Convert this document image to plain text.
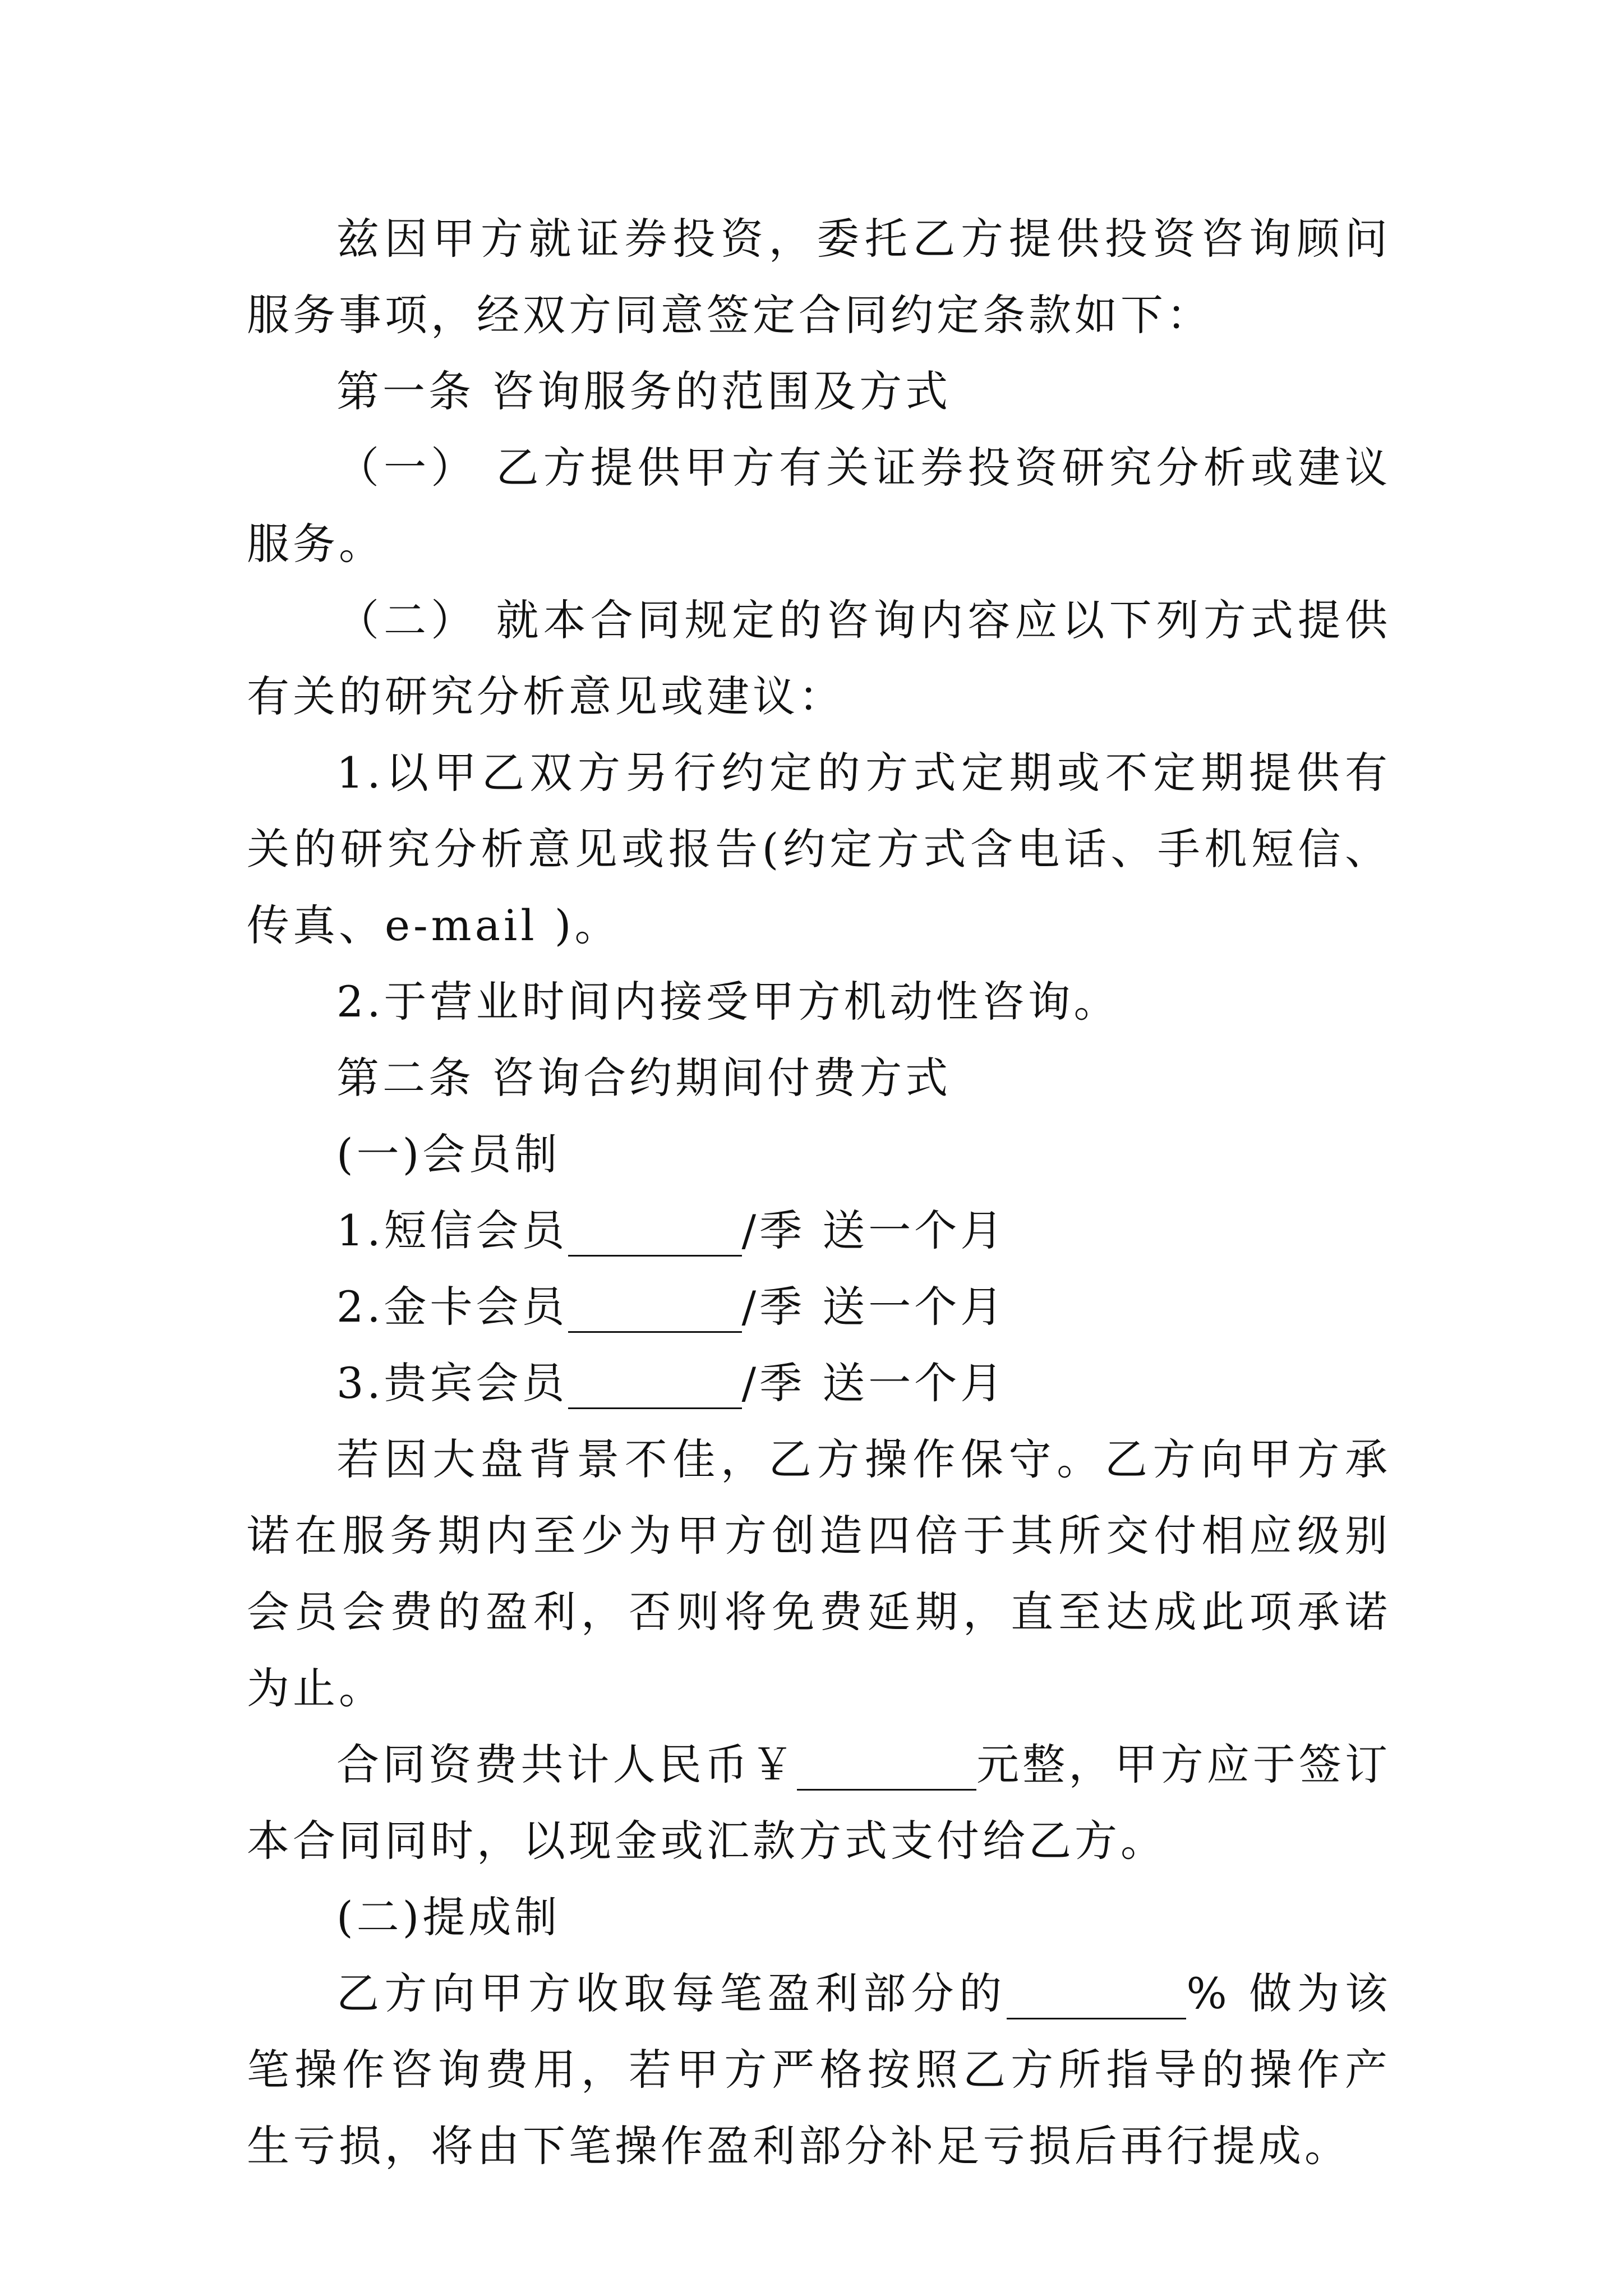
兹因甲方就证券投资，委托乙方提供投资咨询顾问服务事项，经双方同意签定合同约定条款如下：

第一条 咨询服务的范围及方式

（一） 乙方提供甲方有关证券投资研究分析或建议服务。

（二） 就本合同规定的咨询内容应以下列方式提供有关的研究分析意见或建议：

1.以甲乙双方另行约定的方式定期或不定期提供有关的研究分析意见或报告(约定方式含电话、手机短信、传真、e-mail )。

2.于营业时间内接受甲方机动性咨询。

第二条 咨询合约期间付费方式

(一)会员制

1.短信会员	/季 送一个月

2.金卡会员	/季 送一个月

3.贵宾会员	/季 送一个月

若因大盘背景不佳，乙方操作保守。乙方向甲方承诺在服务期内至少为甲方创造四倍于其所交付相应级别会员会费的盈利，否则将免费延期，直至达成此项承诺为止。

合同资费共计人民币￥	元整，甲方应于签订本合同同时，以现金或汇款方式支付给乙方。

(二)提成制

乙方向甲方收取每笔盈利部分的	% 做为该笔操作咨询费用，若甲方严格按照乙方所指导的操作产生亏损，将由下笔操作盈利部分补足亏损后再行提成。
